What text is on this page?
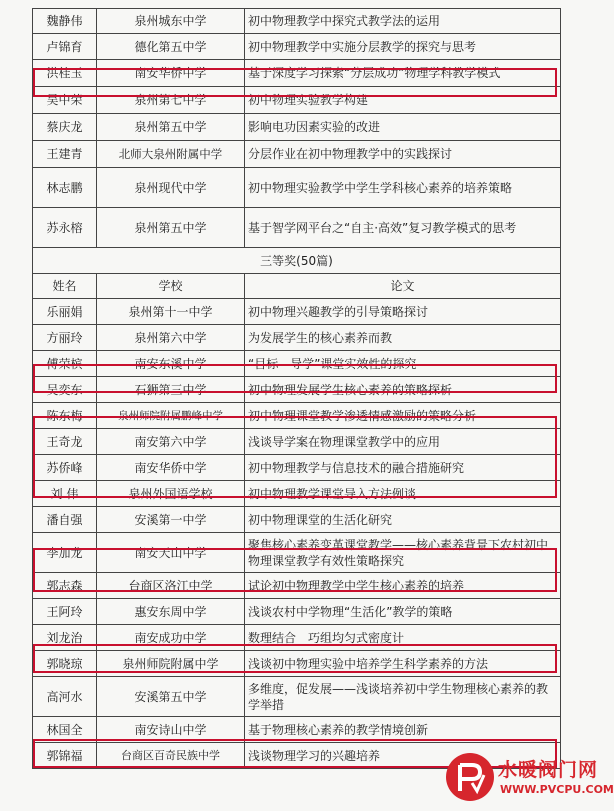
魏静伟	泉州城东中学	初中物理教学中探究式教学法的运用
卢锦育	德化第五中学	初中物理教学中实施分层教学的探究与思考
洪桂玉	南安华侨中学	基于深度学习探索“分层成功”物理学科教学模式
吴中荣	泉州第七中学	初中物理实验教学构建
蔡庆龙	泉州第五中学	影响电功因素实验的改进
王建青	北师大泉州附属中学	分层作业在初中物理教学中的实践探讨
林志鹏	泉州现代中学	初中物理实验教学中学生学科核心素养的培养策略
苏永榕	泉州第五中学	基于智学网平台之“自主·高效”复习教学模式的思考
三等奖(50篇)		
姓名	学校	论文
乐丽娟	泉州第十一中学	初中物理兴趣教学的引导策略探讨
方丽玲	泉州第六中学	为发展学生的核心素养而教
傅荣槟	南安东溪中学	“目标—导学”课堂实效性的探究
吴奕东	石狮第三中学	初中物理发展学生核心素养的策略探析
陈东梅	泉州师院附属鹏峰中学	初中物理课堂教学渗透情感激励的策略分析
王奇龙	南安第六中学	浅谈导学案在物理课堂教学中的应用
苏侨峰	南安华侨中学	初中物理教学与信息技术的融合措施研究
刘 伟	泉州外国语学校	初中物理教学课堂导入方法例谈
潘自强	安溪第一中学	初中物理课堂的生活化研究
李加龙	南安天山中学	聚焦核心素养变革课堂教学——核心素养背景下农村初中物理课堂教学有效性策略探究
郭志森	台商区洛江中学	试论初中物理教学中学生核心素养的培养
王阿玲	惠安东周中学	浅谈农村中学物理“生活化”教学的策略
刘龙治	南安成功中学	数理结合　巧组均匀式密度计
郭晓琼	泉州师院附属中学	浅谈初中物理实验中培养学生科学素养的方法
高河水	安溪第五中学	多维度，促发展——浅谈培养初中学生物理核心素养的教学举措
林国全	南安诗山中学	基于物理核心素养的教学情境创新
郭锦福	台商区百奇民族中学	浅谈物理学习的兴趣培养
水暖阀门网
WWW.PVCPU.COM
